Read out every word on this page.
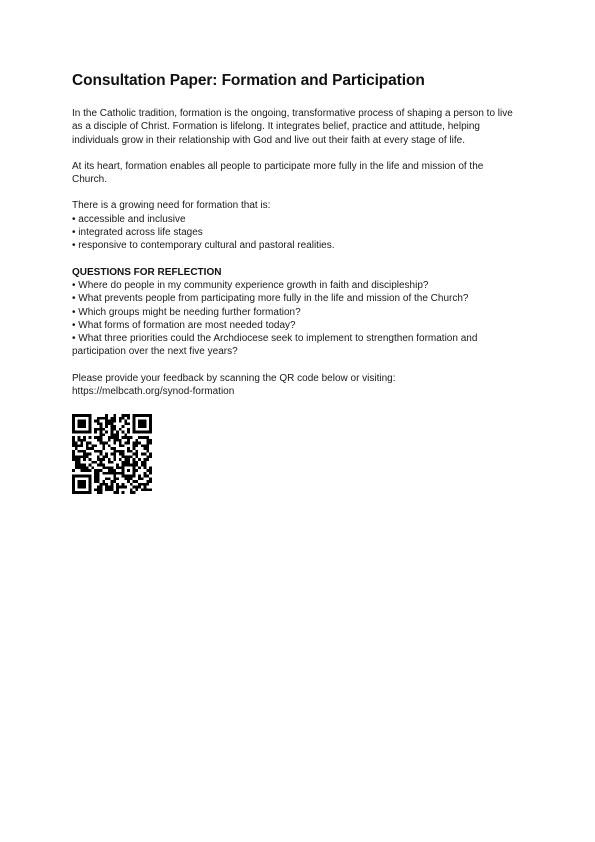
Consultation Paper: Formation and Participation

In the Catholic tradition, formation is the ongoing, transformative process of shaping a person to live as a disciple of Christ. Formation is lifelong. It integrates belief, practice and attitude, helping individuals grow in their relationship with God and live out their faith at every stage of life.

At its heart, formation enables all people to participate more fully in the life and mission of the Church.

There is a growing need for formation that is:

• accessible and inclusive
• integrated across life stages
• responsive to contemporary cultural and pastoral realities.

QUESTIONS FOR REFLECTION

• Where do people in my community experience growth in faith and discipleship?
• What prevents people from participating more fully in the life and mission of the Church?
• Which groups might be needing further formation?
• What forms of formation are most needed today?
• What three priorities could the Archdiocese seek to implement to strengthen formation and participation over the next five years?

Please provide your feedback by scanning the QR code below or visiting:

https://melbcath.org/synod-formation
